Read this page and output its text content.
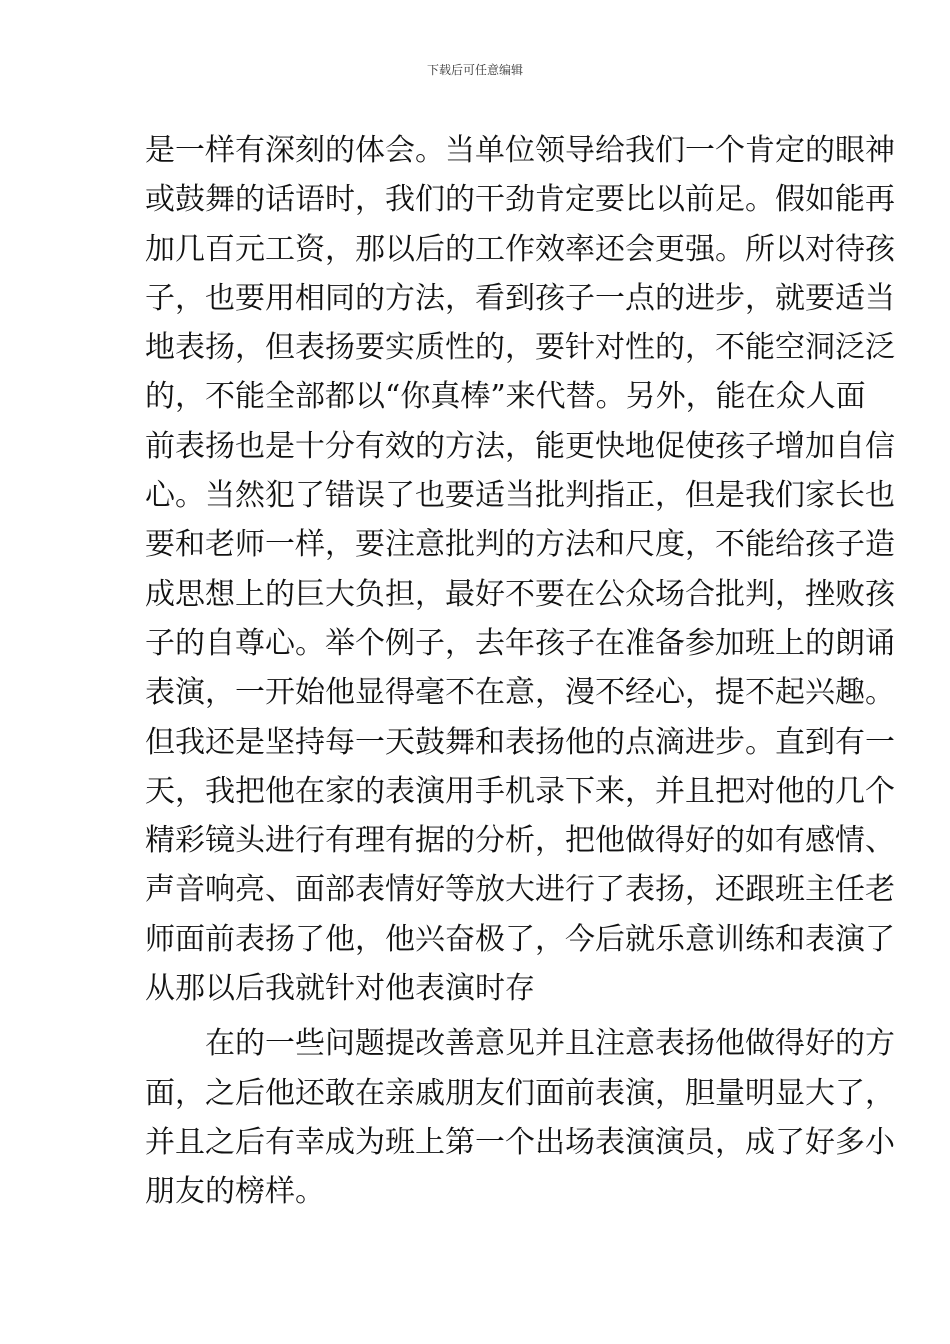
下载后可任意编辑
是一样有深刻的体会。当单位领导给我们一个肯定的眼神
或鼓舞的话语时，我们的干劲肯定要比以前足。假如能再
加几百元工资，那以后的工作效率还会更强。所以对待孩
子，也要用相同的方法，看到孩子一点的进步，就要适当
地表扬，但表扬要实质性的，要针对性的，不能空洞泛泛
的，不能全部都以“你真棒”来代替。另外，能在众人面
前表扬也是十分有效的方法，能更快地促使孩子增加自信
心。当然犯了错误了也要适当批判指正，但是我们家长也
要和老师一样，要注意批判的方法和尺度，不能给孩子造
成思想上的巨大负担，最好不要在公众场合批判，挫败孩
子的自尊心。举个例子，去年孩子在准备参加班上的朗诵
表演，一开始他显得毫不在意，漫不经心，提不起兴趣。
但我还是坚持每一天鼓舞和表扬他的点滴进步。直到有一
天，我把他在家的表演用手机录下来，并且把对他的几个
精彩镜头进行有理有据的分析，把他做得好的如有感情、
声音响亮、面部表情好等放大进行了表扬，还跟班主任老
师面前表扬了他，他兴奋极了，今后就乐意训练和表演了
从那以后我就针对他表演时存
在的一些问题提改善意见并且注意表扬他做得好的方
面，之后他还敢在亲戚朋友们面前表演，胆量明显大了，
并且之后有幸成为班上第一个出场表演演员，成了好多小
朋友的榜样。
